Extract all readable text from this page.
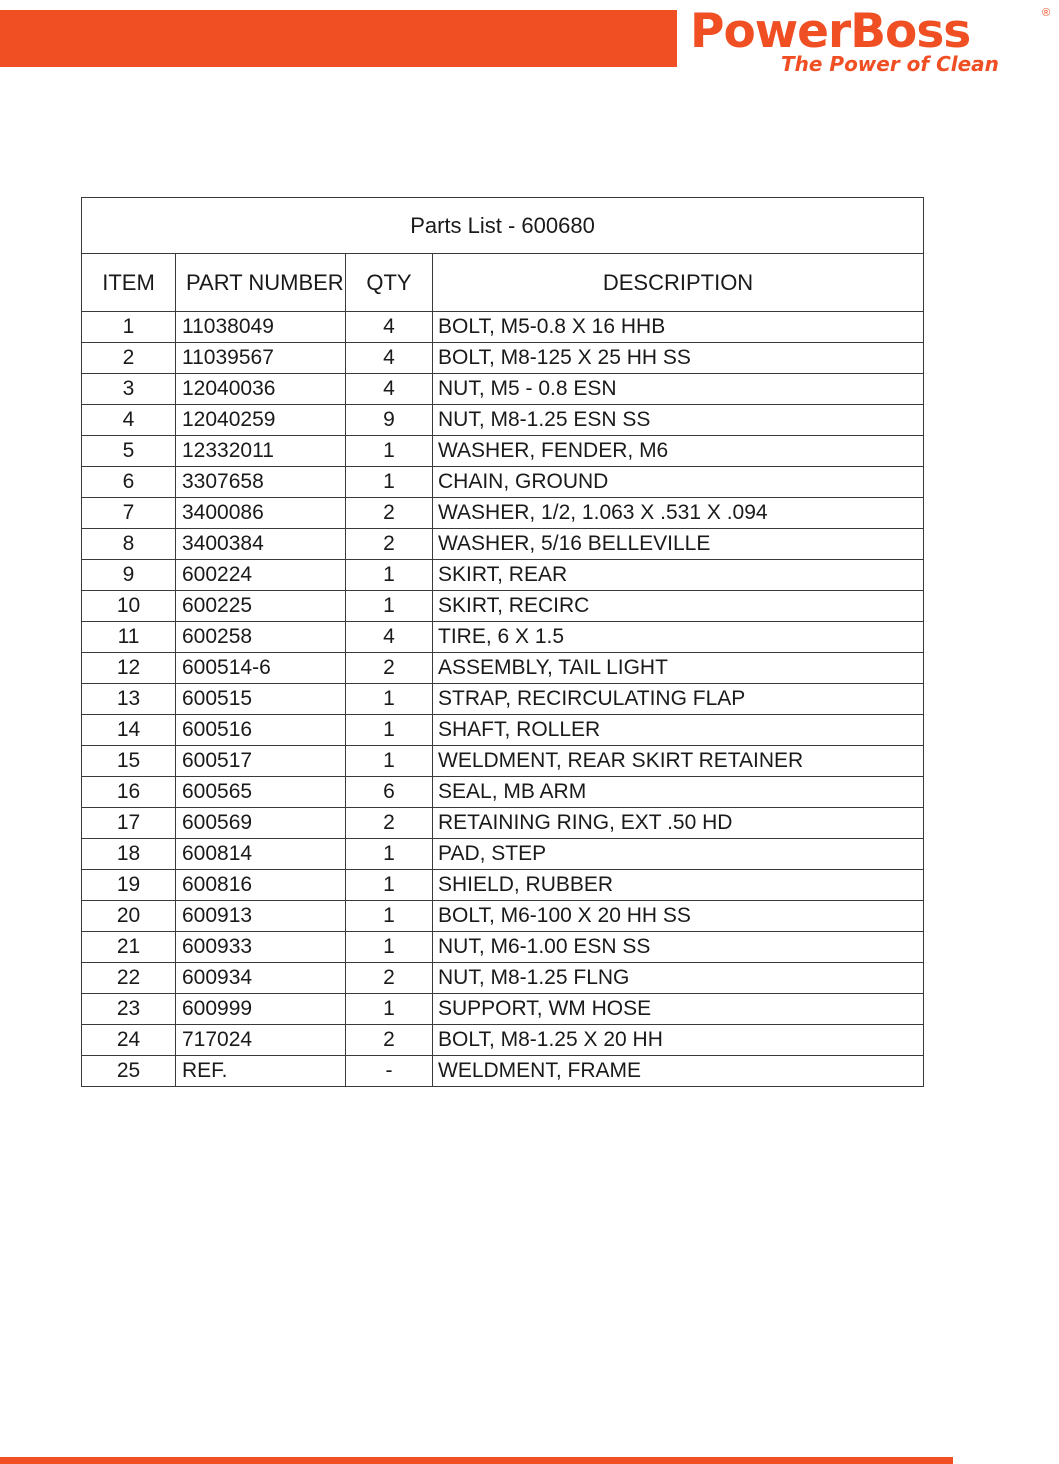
PowerBoss	®
The Power of Clean
Parts List - 600680			
ITEM	PART NUMBER	QTY	DESCRIPTION
1	11038049	4	BOLT, M5-0.8 X 16 HHB
2	11039567	4	BOLT, M8-125 X 25 HH SS
3	12040036	4	NUT, M5 - 0.8 ESN
4	12040259	9	NUT, M8-1.25 ESN SS
5	12332011	1	WASHER, FENDER, M6
6	3307658	1	CHAIN, GROUND
7	3400086	2	WASHER, 1/2, 1.063 X .531 X .094
8	3400384	2	WASHER, 5/16 BELLEVILLE
9	600224	1	SKIRT, REAR
10	600225	1	SKIRT, RECIRC
11	600258	4	TIRE, 6 X 1.5
12	600514-6	2	ASSEMBLY, TAIL LIGHT
13	600515	1	STRAP, RECIRCULATING FLAP
14	600516	1	SHAFT, ROLLER
15	600517	1	WELDMENT, REAR SKIRT RETAINER
16	600565	6	SEAL, MB ARM
17	600569	2	RETAINING RING, EXT .50 HD
18	600814	1	PAD, STEP
19	600816	1	SHIELD, RUBBER
20	600913	1	BOLT, M6-100 X 20 HH SS
21	600933	1	NUT, M6-1.00 ESN SS
22	600934	2	NUT, M8-1.25 FLNG
23	600999	1	SUPPORT, WM HOSE
24	717024	2	BOLT, M8-1.25 X 20 HH
25	REF.	-	WELDMENT, FRAME
